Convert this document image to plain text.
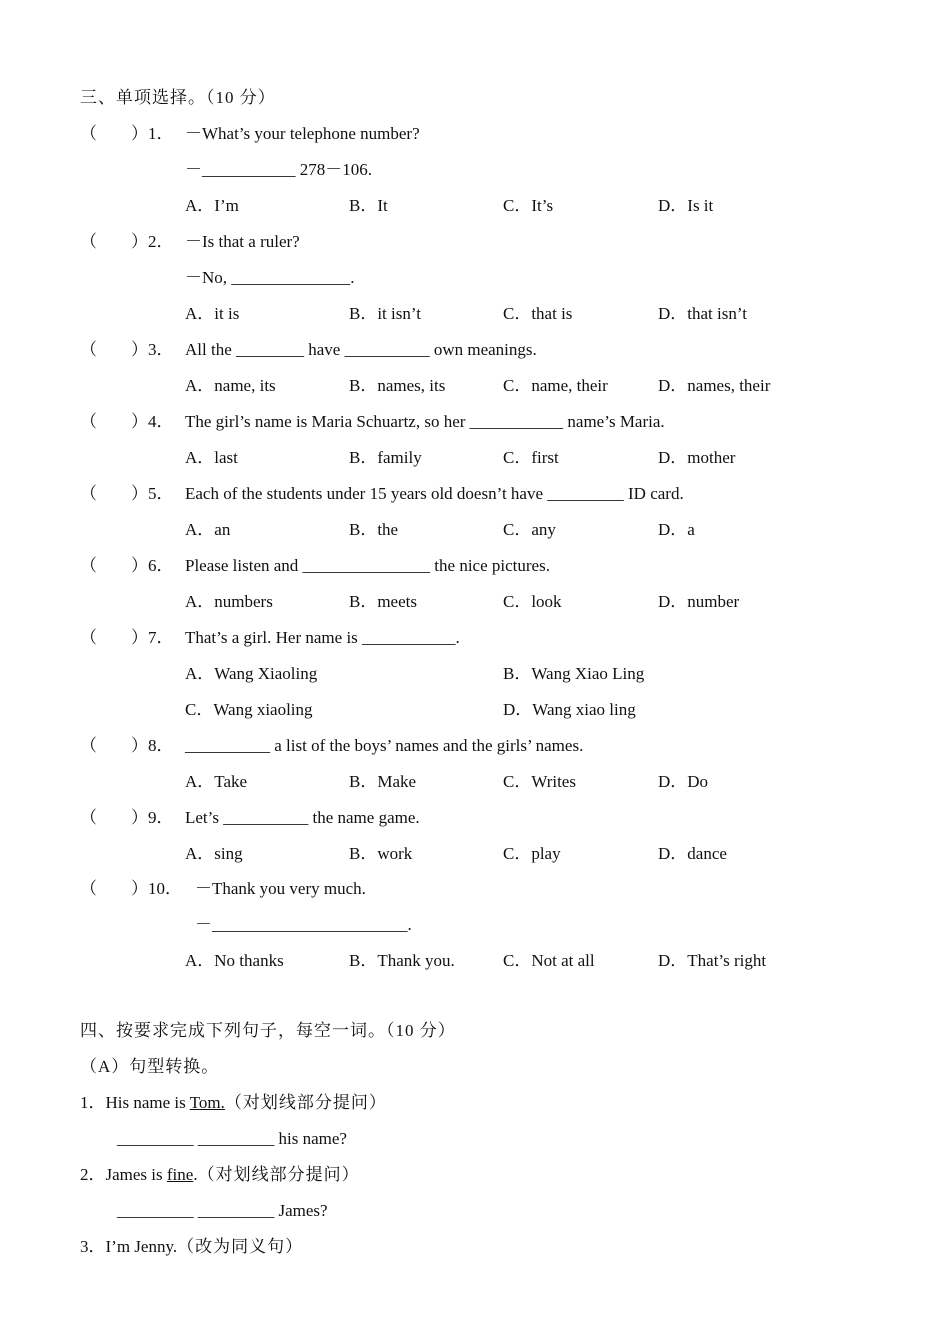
三、单项选择。（10 分）
（　　）1． －What’s your telephone number?
－___________ 278－106.
A．I’m	B．It	C．It’s	D．Is it
（　　）2． －Is that a ruler?
－No, ______________.
A．it is	B．it isn’t	C．that is	D．that isn’t
（　　）3． All the ________ have __________ own meanings.
A．name, its	B．names, its	C．name, their	D．names, their
（　　）4． The girl’s name is Maria Schuartz, so her ___________ name’s Maria.
A．last	B．family	C．first	D．mother
（　　）5． Each of the students under 15 years old doesn’t have _________ ID card.
A．an	B．the	C．any	D．a
（　　）6． Please listen and _______________ the nice pictures.
A．numbers	B．meets	C．look	D．number
（　　）7． That’s a girl. Her name is ___________.
A．Wang Xiaoling	B．Wang Xiao Ling
C．Wang xiaoling	D．Wang xiao ling
（　　）8． __________ a list of the boys’ names and the girls’ names.
A．Take	B．Make	C．Writes	D．Do
（　　）9． Let’s __________ the name game.
A．sing	B．work	C．play	D．dance
（　　）10． －Thank you very much.
－_______________________.
A．No thanks	B．Thank you.	C．Not at all	D．That’s right
四、按要求完成下列句子，每空一词。（10 分）
（A）句型转换。
1．His name is Tom.（对划线部分提问）
_________ _________ his name?
2．James is fine.（对划线部分提问）
_________ _________ James?
3．I’m Jenny.（改为同义句）
